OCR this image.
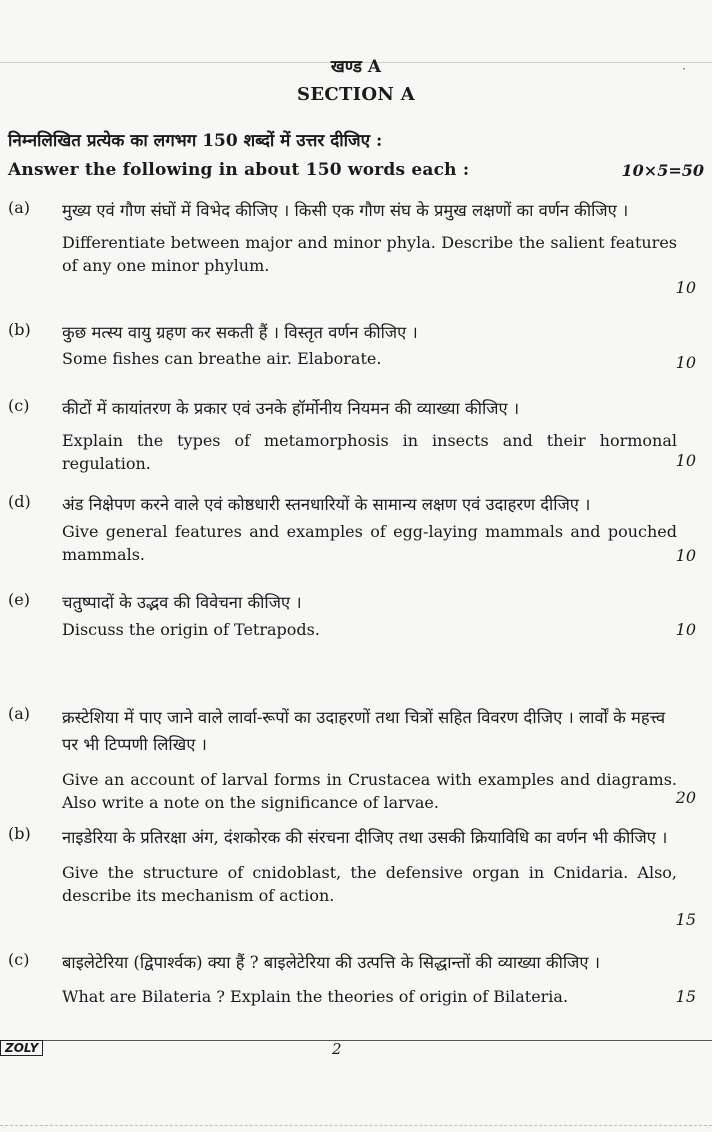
·
खण्ड A
SECTION A
निम्नलिखित प्रत्येक का लगभग 150 शब्दों में उत्तर दीजिए :
Answer the following in about 150 words each :	10×5=50
(a) मुख्य एवं गौण संघों में विभेद कीजिए । किसी एक गौण संघ के प्रमुख लक्षणों का वर्णन कीजिए ।
Differentiate between major and minor phyla. Describe the salient features of any one minor phylum.
10
(b) कुछ मत्स्य वायु ग्रहण कर सकती हैं । विस्तृत वर्णन कीजिए ।
Some fishes can breathe air. Elaborate.	10
(c) कीटों में कायांतरण के प्रकार एवं उनके हॉर्मोनीय नियमन की व्याख्या कीजिए ।
Explain the types of metamorphosis in insects and their hormonal regulation.	10
(d) अंड निक्षेपण करने वाले एवं कोष्ठधारी स्तनधारियों के सामान्य लक्षण एवं उदाहरण दीजिए ।
Give general features and examples of egg-laying mammals and pouched mammals.	10
(e) चतुष्पादों के उद्भव की विवेचना कीजिए ।
Discuss the origin of Tetrapods.	10
(a) क्रस्टेशिया में पाए जाने वाले लार्वा-रूपों का उदाहरणों तथा चित्रों सहित विवरण दीजिए । लार्वों के महत्त्व पर भी टिप्पणी लिखिए ।
Give an account of larval forms in Crustacea with examples and diagrams. Also write a note on the significance of larvae.	20
(b) नाइडेरिया के प्रतिरक्षा अंग, दंशकोरक की संरचना दीजिए तथा उसकी क्रियाविधि का वर्णन भी कीजिए ।
Give the structure of cnidoblast, the defensive organ in Cnidaria. Also, describe its mechanism of action.
15
(c) बाइलेटेरिया (द्विपार्श्वक) क्या हैं ? बाइलेटेरिया की उत्पत्ति के सिद्धान्तों की व्याख्या कीजिए ।
What are Bilateria ? Explain the theories of origin of Bilateria.	15
ZOLY	2
